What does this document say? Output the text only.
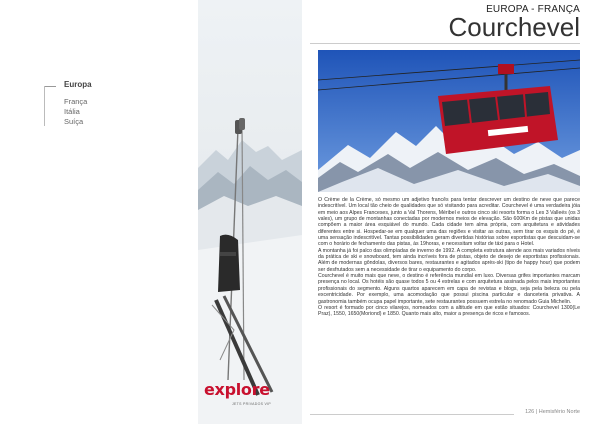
Europa
França
Itália
Suíça
EUROPA - FRANÇA
Courchevel

O Crème de la Crème, só mesmo um adjetivo francês para tentar descrever um destino de neve que parece indescritível. Um local tão cheio de qualidades que só visitando para acreditar. Courchevel é uma verdadeira jóia em meio aos Alpes Franceses, junto a Val Thorens, Méribel e outros cinco ski resorts forma o Les 3 Valleés (os 3 vales), um grupo de montanhas conectadas por modernos meios de elevação. São 600Km de pistas que unidas compõem a maior área esquiável do mundo. Cada cidade tem alma própria, com arquitetura e atividades diferentes entre si. Hospedar-se em qualquer uma das regiões e visitar as outras, sem tirar os esquis do pé, é uma sensação indescritível. Tantas possibilidades geram divertidas histórias sobre esportistas que descuidam-se com o horário de fechamento das pistas, às 19horas, e necessitam voltar de táxi para o Hotel.

A montanha já foi palco das olimpíadas de inverno de 1992. A completa estrutura atende aos mais variados níveis da prática de ski e snowboard, tem ainda incríveis fora de pistas, objeto de desejo de esportistas profissionais. Além de modernas gôndolas, diversos bares, restaurantes e agitados après-ski (tipo de happy hour) que podem ser desfrutados sem a necessidade de tirar o equipamento do corpo.

Courchevel é muito mais que neve, o destino é referência mundial em luxo. Diversas grifes importantes marcam presença no local. Os hotéis são quase todos 5 ou 4 estrelas e com arquitetura assinada pelos mais importantes profissionais do segmento. Alguns quartos aparecem em capa de revistas e blogs, seja pela beleza ou pela excentricidade. Por exemplo, uma acomodação que possui piscina particular e danceteria privativa. A gastronomia também ocupa papel importante, sete restaurantes possuem estrela no renomado Guia Michelin.

O resort é formado por cinco vilarejos, nomeados com a altitude em que estão situados: Courchevel 1300(Le Praz), 1550, 1650(Moriond) e 1850. Quanto mais alto, maior a presença de ricos e famosos.

explore
JETS PRIVADOS VIP
126 | Hemisfério Norte
